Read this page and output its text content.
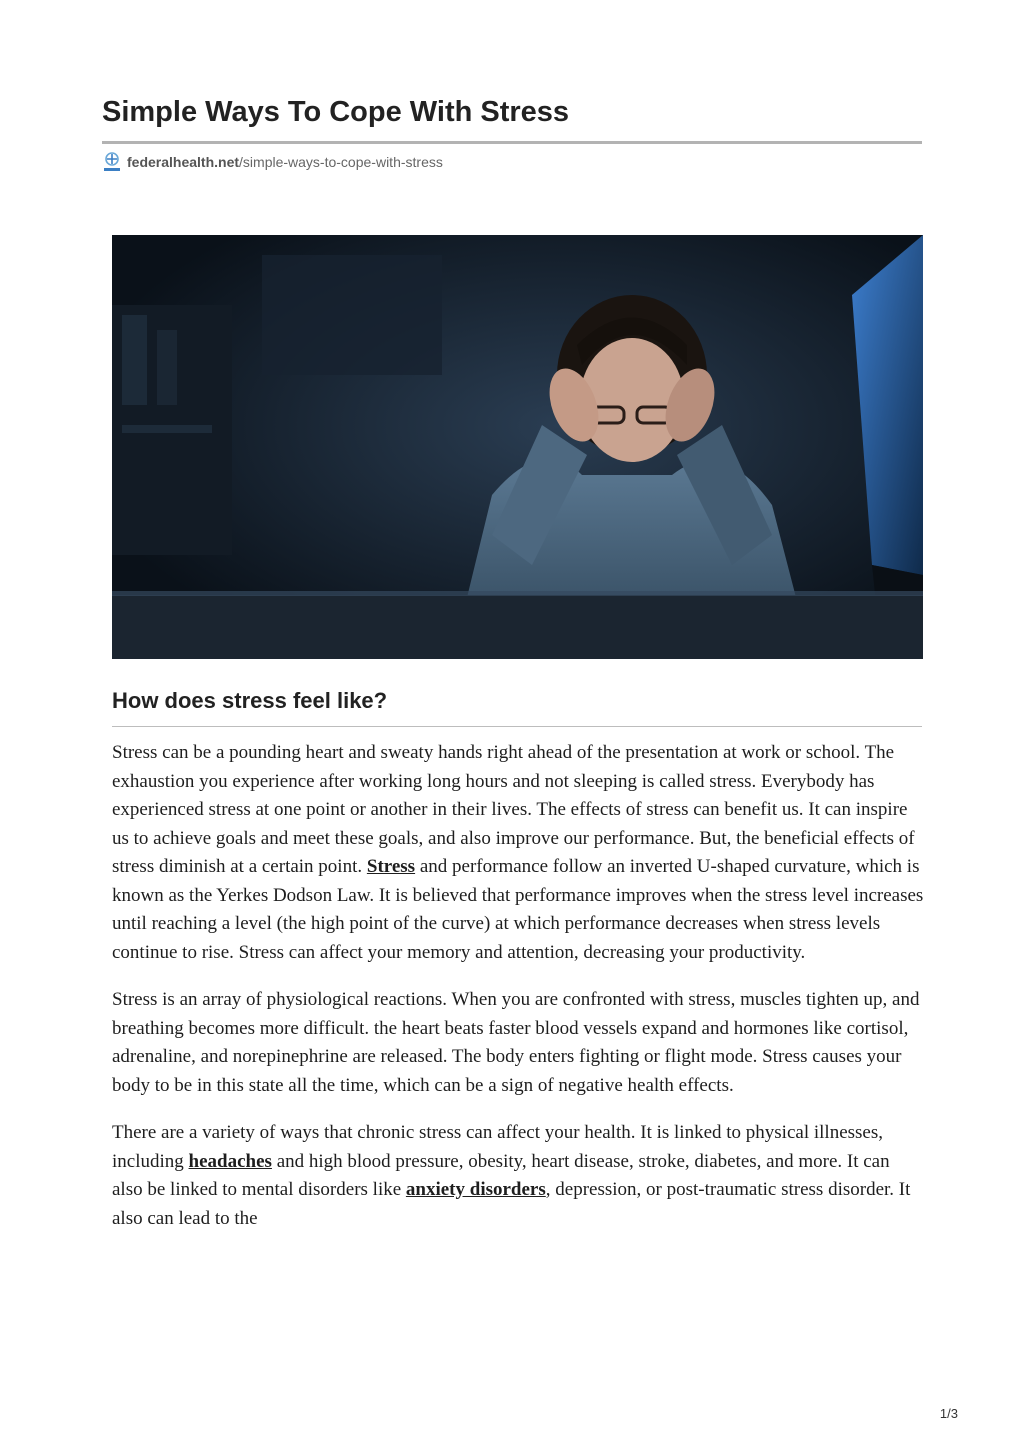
Simple Ways To Cope With Stress
federalhealth.net/simple-ways-to-cope-with-stress
How does stress feel like?

Stress can be a pounding heart and sweaty hands right ahead of the presentation at work or school. The exhaustion you experience after working long hours and not sleeping is called stress. Everybody has experienced stress at one point or another in their lives. The effects of stress can benefit us. It can inspire us to achieve goals and meet these goals, and also improve our performance. But, the beneficial effects of stress diminish at a certain point. Stress and performance follow an inverted U-shaped curvature, which is known as the Yerkes Dodson Law. It is believed that performance improves when the stress level increases until reaching a level (the high point of the curve) at which performance decreases when stress levels continue to rise. Stress can affect your memory and attention, decreasing your productivity.

Stress is an array of physiological reactions. When you are confronted with stress, muscles tighten up, and breathing becomes more difficult. the heart beats faster blood vessels expand and hormones like cortisol, adrenaline, and norepinephrine are released. The body enters fighting or flight mode. Stress causes your body to be in this state all the time, which can be a sign of negative health effects.

There are a variety of ways that chronic stress can affect your health. It is linked to physical illnesses, including headaches and high blood pressure, obesity, heart disease, stroke, diabetes, and more. It can also be linked to mental disorders like anxiety disorders, depression, or post-traumatic stress disorder. It also can lead to the

1/3
